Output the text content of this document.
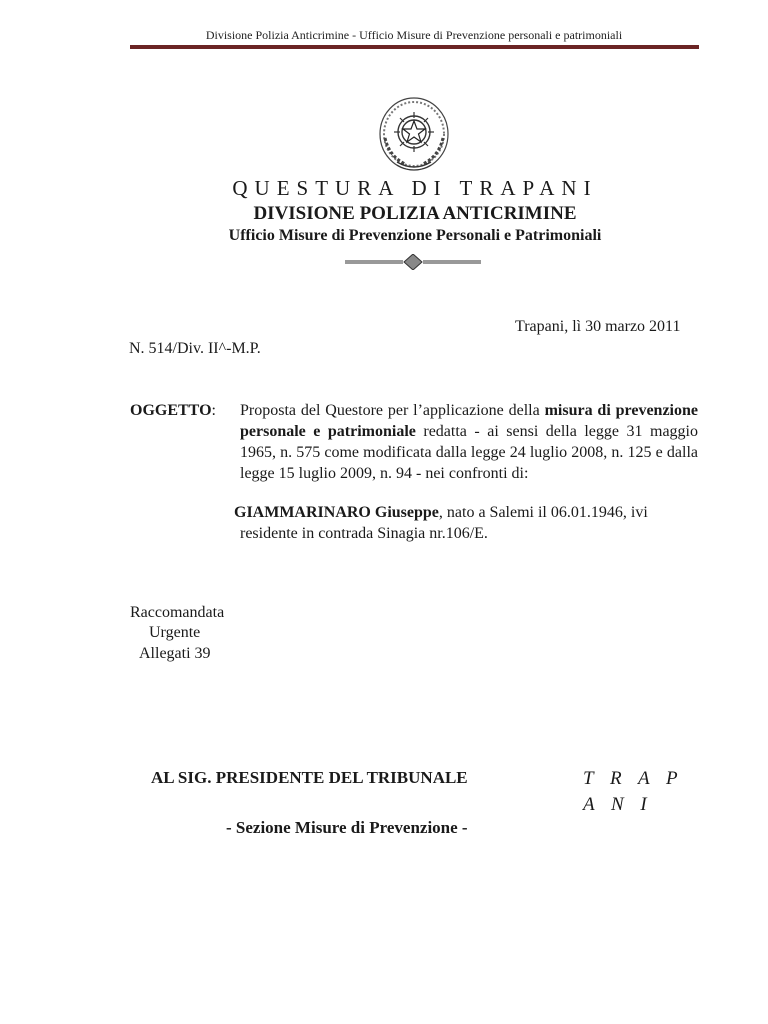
Divisione Polizia Anticrimine - Ufficio Misure di Prevenzione personali e patrimoniali
QUESTURA DI TRAPANI
DIVISIONE POLIZIA ANTICRIMINE
Ufficio Misure di Prevenzione Personali e Patrimoniali
Trapani, lì 30 marzo 2011
N. 514/Div. II^-M.P.
OGGETTO: Proposta del Questore per l’applicazione della misura di prevenzione personale e patrimoniale redatta - ai sensi della legge 31 maggio 1965, n. 575 come modificata dalla legge 24 luglio 2008, n. 125 e dalla legge 15 luglio 2009, n. 94 - nei confronti di:
GIAMMARINARO Giuseppe, nato a Salemi il 06.01.1946, ivi
residente in contrada Sinagia nr.106/E.
Raccomandata
Urgente
Allegati 39
AL SIG. PRESIDENTE DEL TRIBUNALE	T R A P A N I
- Sezione Misure di Prevenzione -
